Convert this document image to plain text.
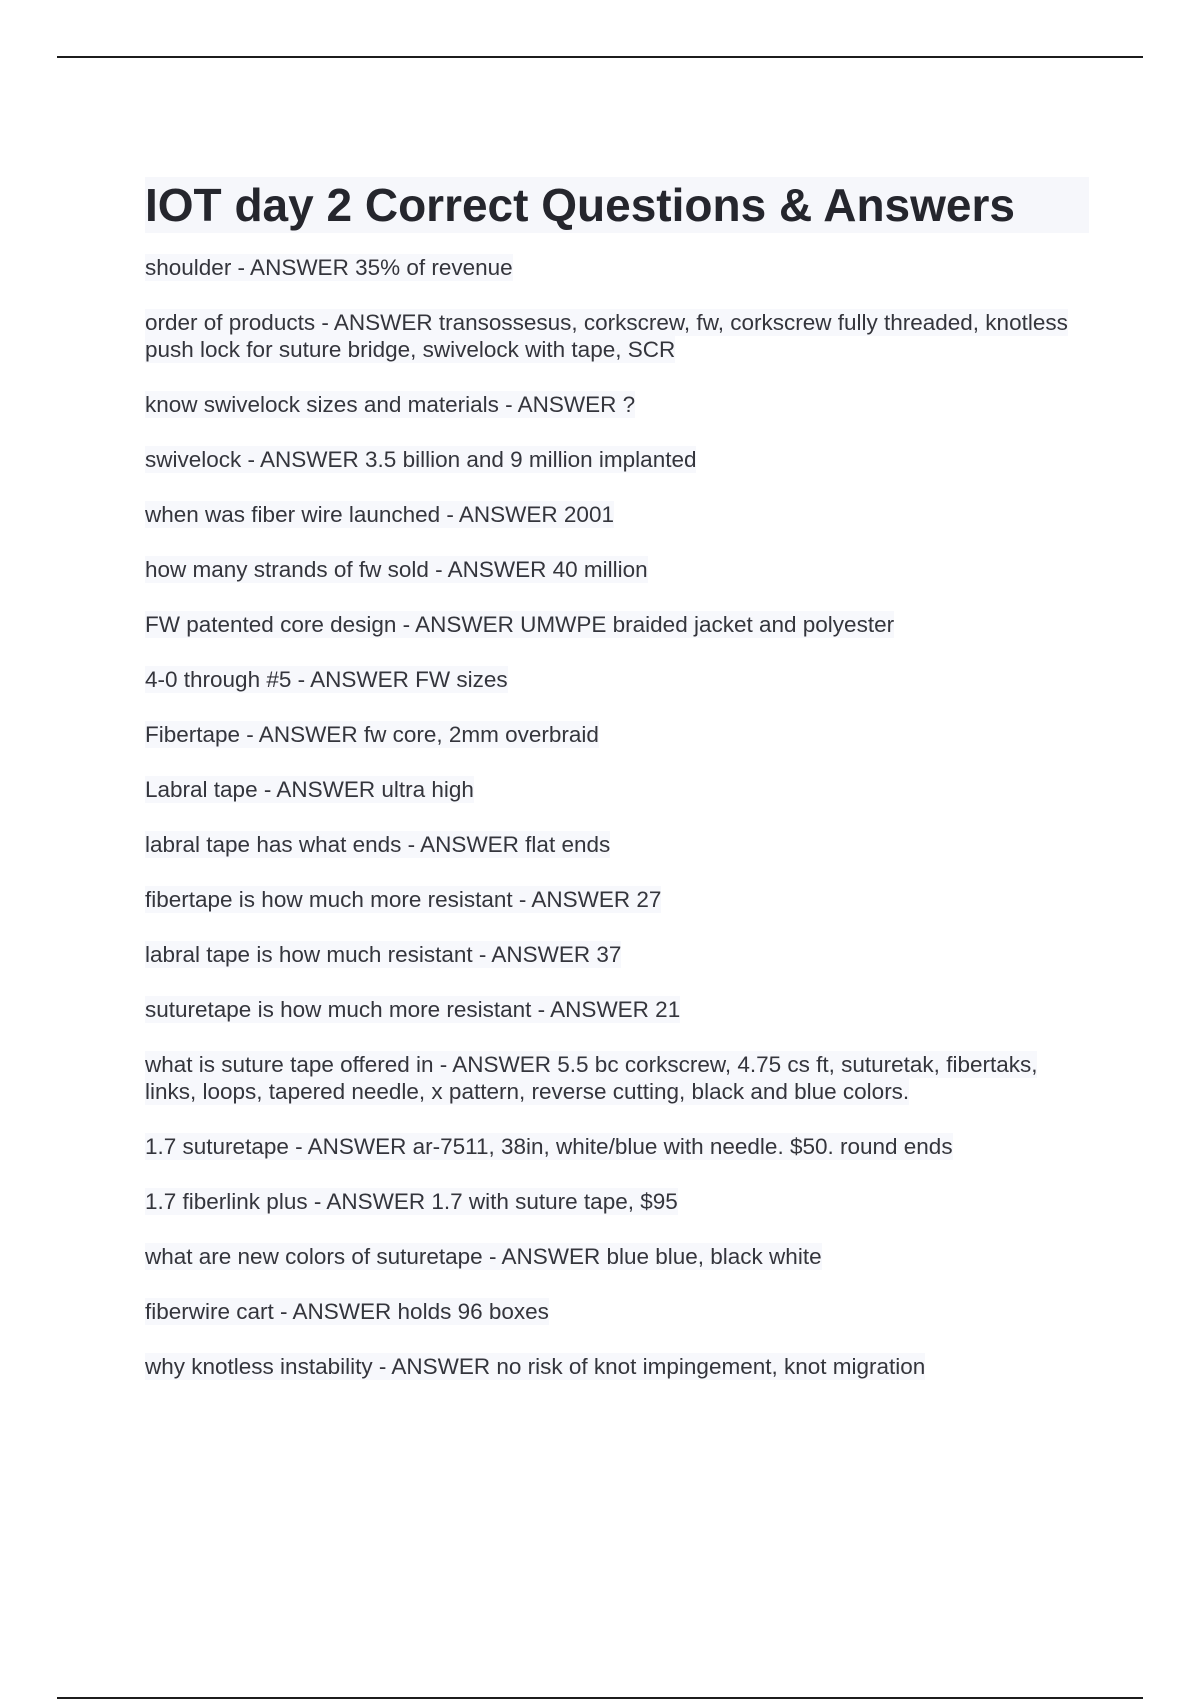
IOT day 2 Correct Questions & Answers
shoulder - ANSWER 35% of revenue
order of products - ANSWER transossesus, corkscrew, fw, corkscrew fully threaded, knotless push lock for suture bridge, swivelock with tape, SCR
know swivelock sizes and materials - ANSWER ?
swivelock - ANSWER 3.5 billion and 9 million implanted
when was fiber wire launched - ANSWER 2001
how many strands of fw sold - ANSWER 40 million
FW patented core design - ANSWER UMWPE braided jacket and polyester
4-0 through #5 - ANSWER FW sizes
Fibertape - ANSWER fw core, 2mm overbraid
Labral tape - ANSWER ultra high
labral tape has what ends - ANSWER flat ends
fibertape is how much more resistant - ANSWER 27
labral tape is how much resistant - ANSWER 37
suturetape is how much more resistant - ANSWER 21
what is suture tape offered in - ANSWER 5.5 bc corkscrew, 4.75 cs ft, suturetak, fibertaks, links, loops, tapered needle, x pattern, reverse cutting, black and blue colors.
1.7 suturetape - ANSWER ar-7511, 38in, white/blue with needle. $50. round ends
1.7 fiberlink plus - ANSWER 1.7 with suture tape, $95
what are new colors of suturetape - ANSWER blue blue, black white
fiberwire cart - ANSWER holds 96 boxes
why knotless instability - ANSWER no risk of knot impingement, knot migration
